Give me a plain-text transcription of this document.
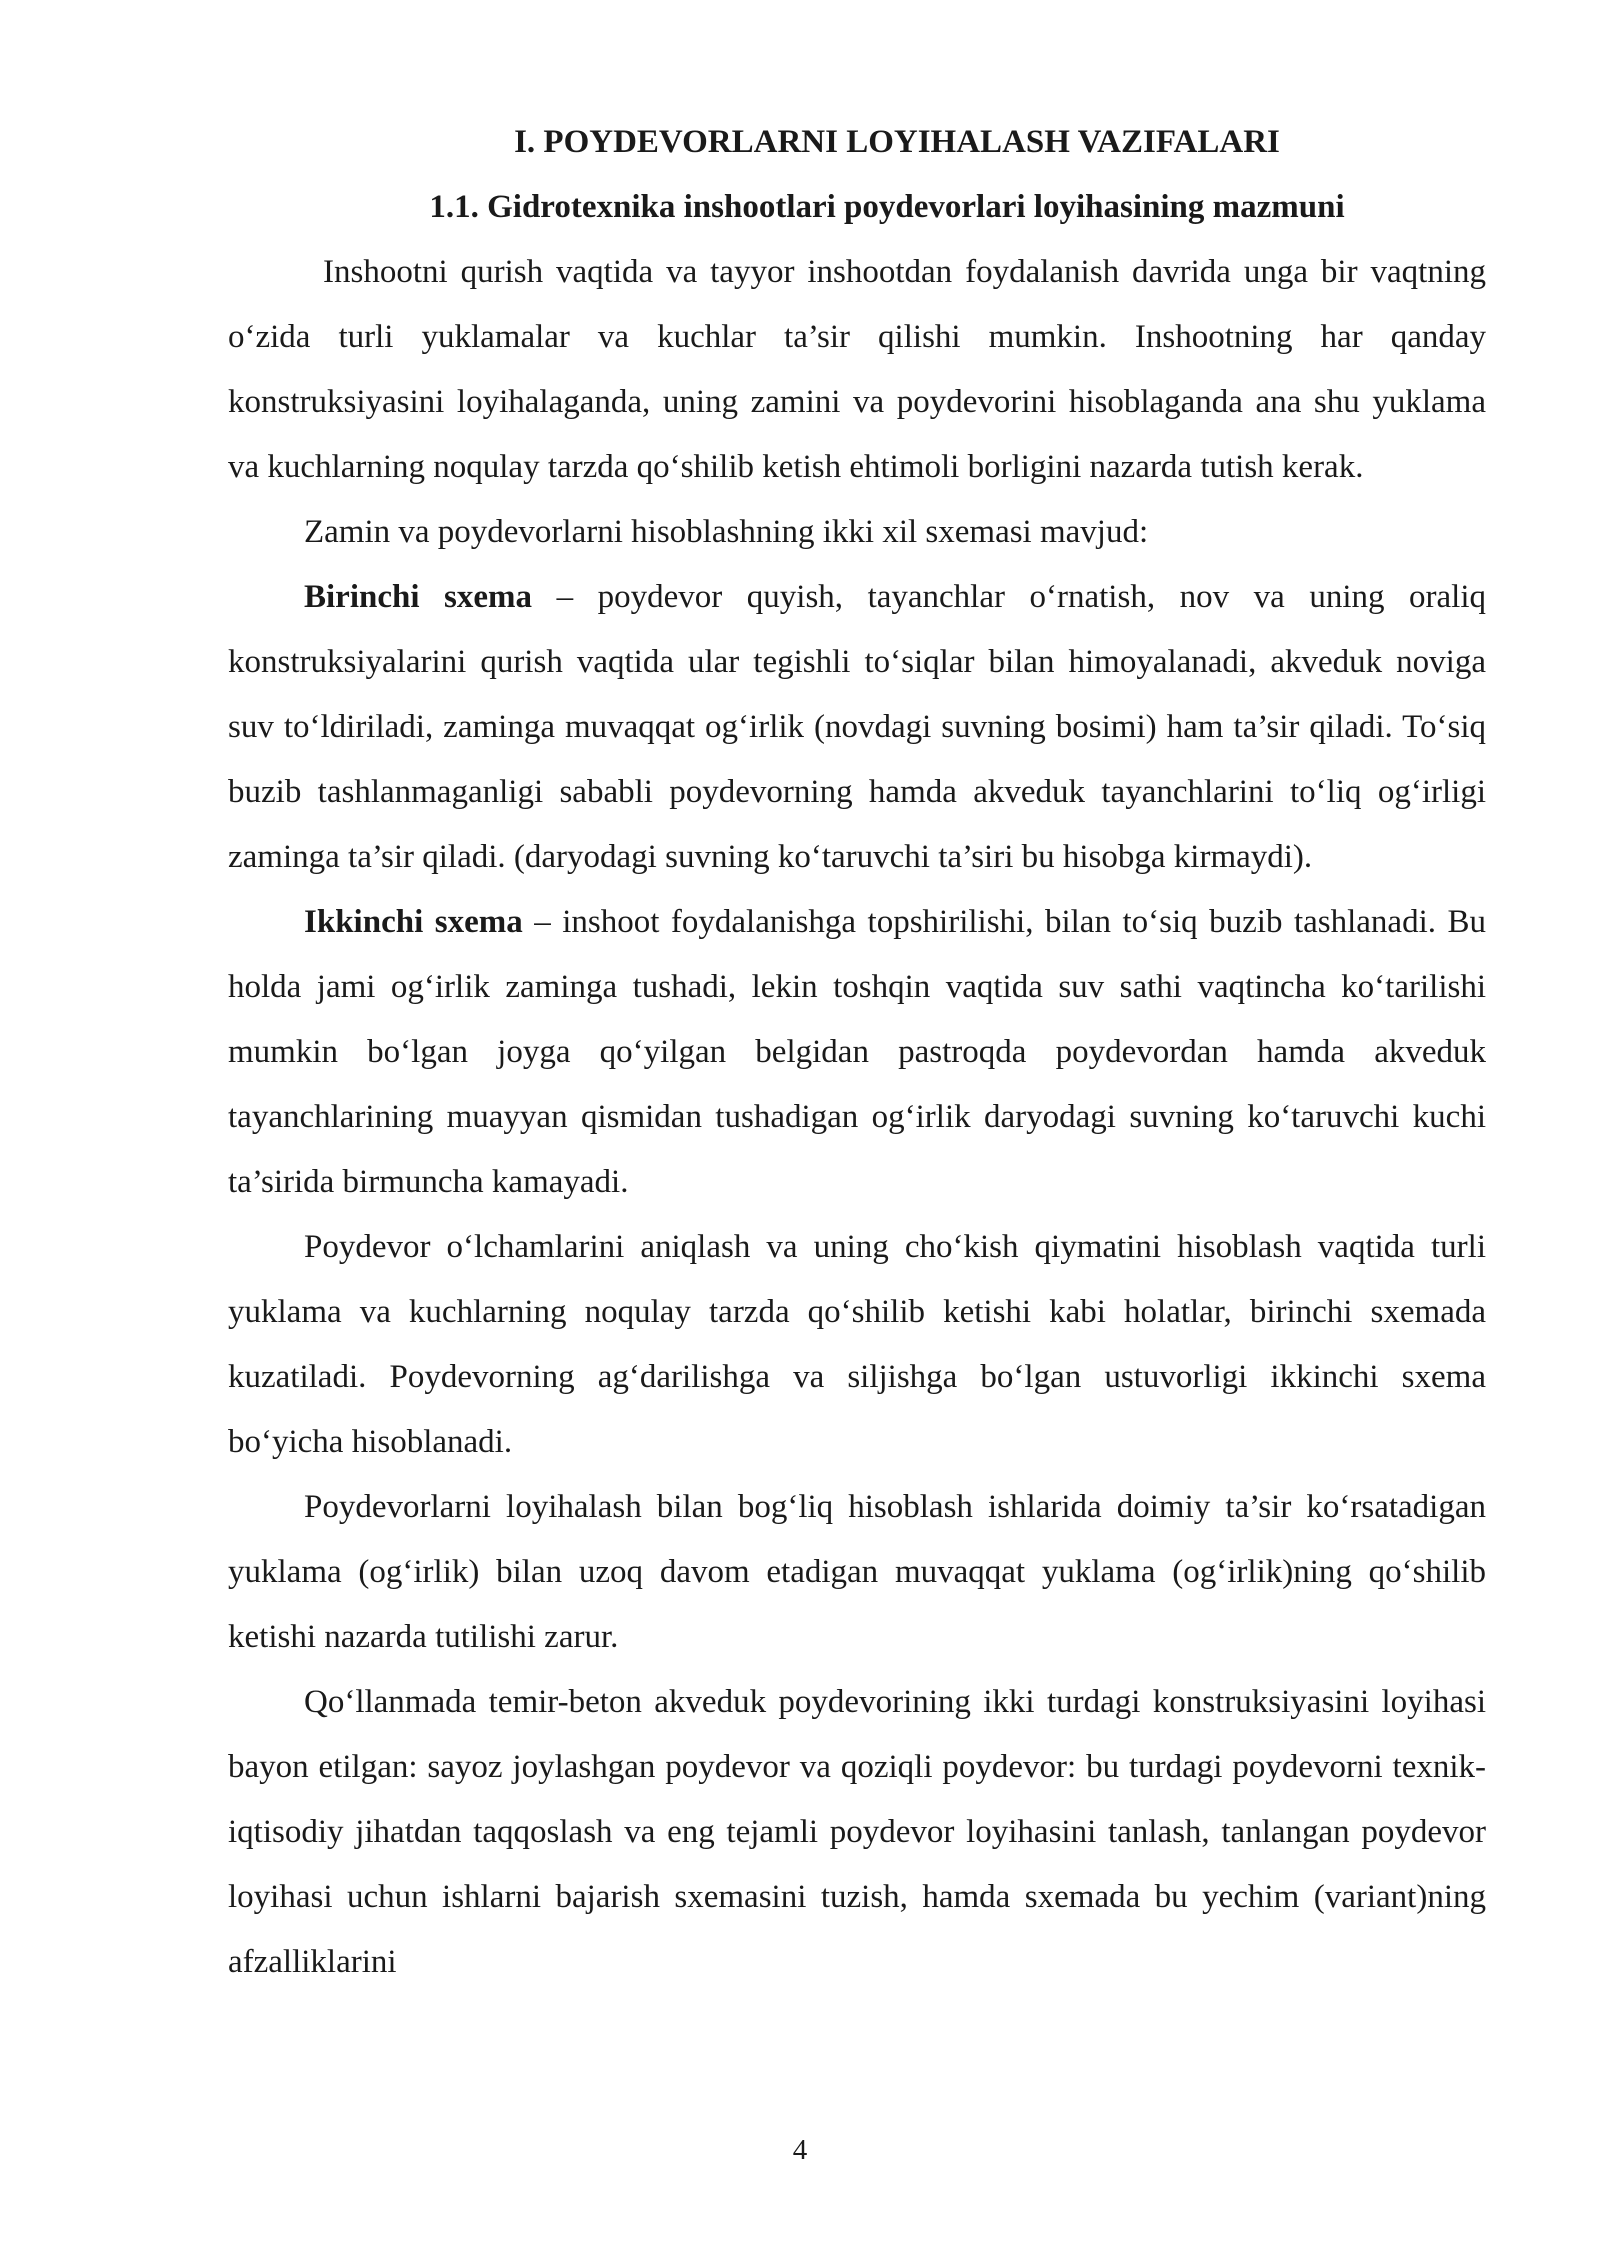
I. POYDEVORLARNI LOYIHALASH VAZIFALARI
1.1. Gidrotexnika inshootlari poydevorlari loyihasining mazmuni

Inshootni qurish vaqtida va tayyor inshootdan foydalanish davrida unga bir vaqtning o‘zida turli yuklamalar va kuchlar ta’sir qilishi mumkin. Inshootning har qanday konstruksiyasini loyihalaganda, uning zamini va poydevorini hisoblaganda ana shu yuklama va kuchlarning noqulay tarzda qo‘shilib ketish ehtimoli borligini nazarda tutish kerak.

Zamin va poydevorlarni hisoblashning ikki xil sxemasi mavjud:

Birinchi sxema – poydevor quyish, tayanchlar o‘rnatish, nov va uning oraliq konstruksiyalarini qurish vaqtida ular tegishli to‘siqlar bilan himoyalanadi, akveduk noviga suv to‘ldiriladi, zaminga muvaqqat og‘irlik (novdagi suvning bosimi) ham ta’sir qiladi. To‘siq buzib tashlanmaganligi sababli poydevorning hamda akveduk tayanchlarini to‘liq og‘irligi zaminga ta’sir qiladi. (daryodagi suvning ko‘taruvchi ta’siri bu hisobga kirmaydi).

Ikkinchi sxema – inshoot foydalanishga topshirilishi, bilan to‘siq buzib tashlanadi. Bu holda jami og‘irlik zaminga tushadi, lekin toshqin vaqtida suv sathi vaqtincha ko‘tarilishi mumkin bo‘lgan joyga qo‘yilgan belgidan pastroqda poydevordan hamda akveduk tayanchlarining muayyan qismidan tushadigan og‘irlik daryodagi suvning ko‘taruvchi kuchi ta’sirida birmuncha kamayadi.

Poydevor o‘lchamlarini aniqlash va uning cho‘kish qiymatini hisoblash vaqtida turli yuklama va kuchlarning noqulay tarzda qo‘shilib ketishi kabi holatlar, birinchi sxemada kuzatiladi. Poydevorning ag‘darilishga va siljishga bo‘lgan ustuvorligi ikkinchi sxema bo‘yicha hisoblanadi.

Poydevorlarni loyihalash bilan bog‘liq hisoblash ishlarida doimiy ta’sir ko‘rsatadigan yuklama (og‘irlik) bilan uzoq davom etadigan muvaqqat yuklama (og‘irlik)ning qo‘shilib ketishi nazarda tutilishi zarur.

Qo‘llanmada temir-beton akveduk poydevorining ikki turdagi konstruksiyasini loyihasi bayon etilgan: sayoz joylashgan poydevor va qoziqli poydevor: bu turdagi poydevorni texnik-iqtisodiy jihatdan taqqoslash va eng tejamli poydevor loyihasini tanlash, tanlangan poydevor loyihasi uchun ishlarni bajarish sxemasini tuzish, hamda sxemada bu yechim (variant)ning afzalliklarini

4
